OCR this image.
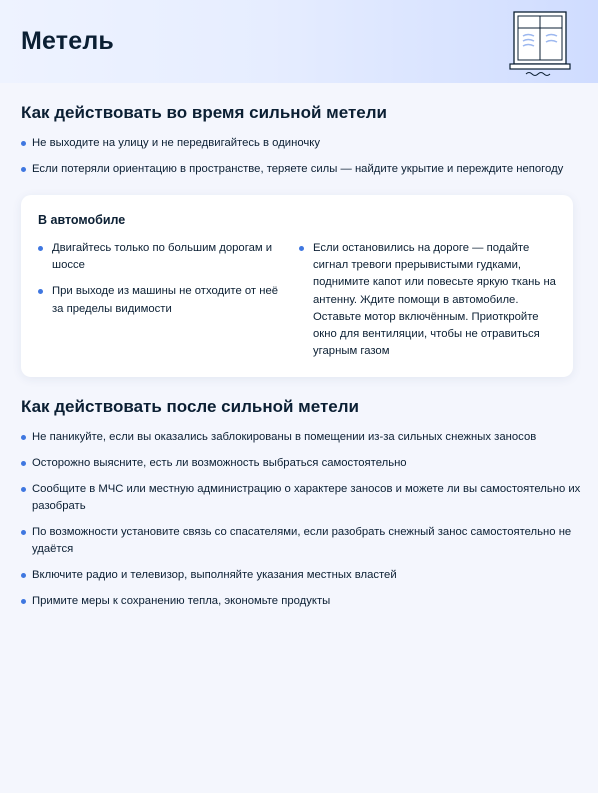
Метель
Как действовать во время сильной метели
Не выходите на улицу и не передвигайтесь в одиночку
Если потеряли ориентацию в пространстве, теряете силы — найдите укрытие и переждите непогоду
В автомобиле
Двигайтесь только по большим дорогам и шоссе
При выходе из машины не отходите от неё за пределы видимости
Если остановились на дороге — подайте сигнал тревоги прерывистыми гудками, поднимите капот или повесьте яркую ткань на антенну. Ждите помощи в автомобиле. Оставьте мотор включённым. Приоткройте окно для вентиляции, чтобы не отравиться угарным газом
Как действовать после сильной метели
Не паникуйте, если вы оказались заблокированы в помещении из-за сильных снежных заносов
Осторожно выясните, есть ли возможность выбраться самостоятельно
Сообщите в МЧС или местную администрацию о характере заносов и можете ли вы самостоятельно их разобрать
По возможности установите связь со спасателями, если разобрать снежный занос самостоятельно не удаётся
Включите радио и телевизор, выполняйте указания местных властей
Примите меры к сохранению тепла, экономьте продукты
